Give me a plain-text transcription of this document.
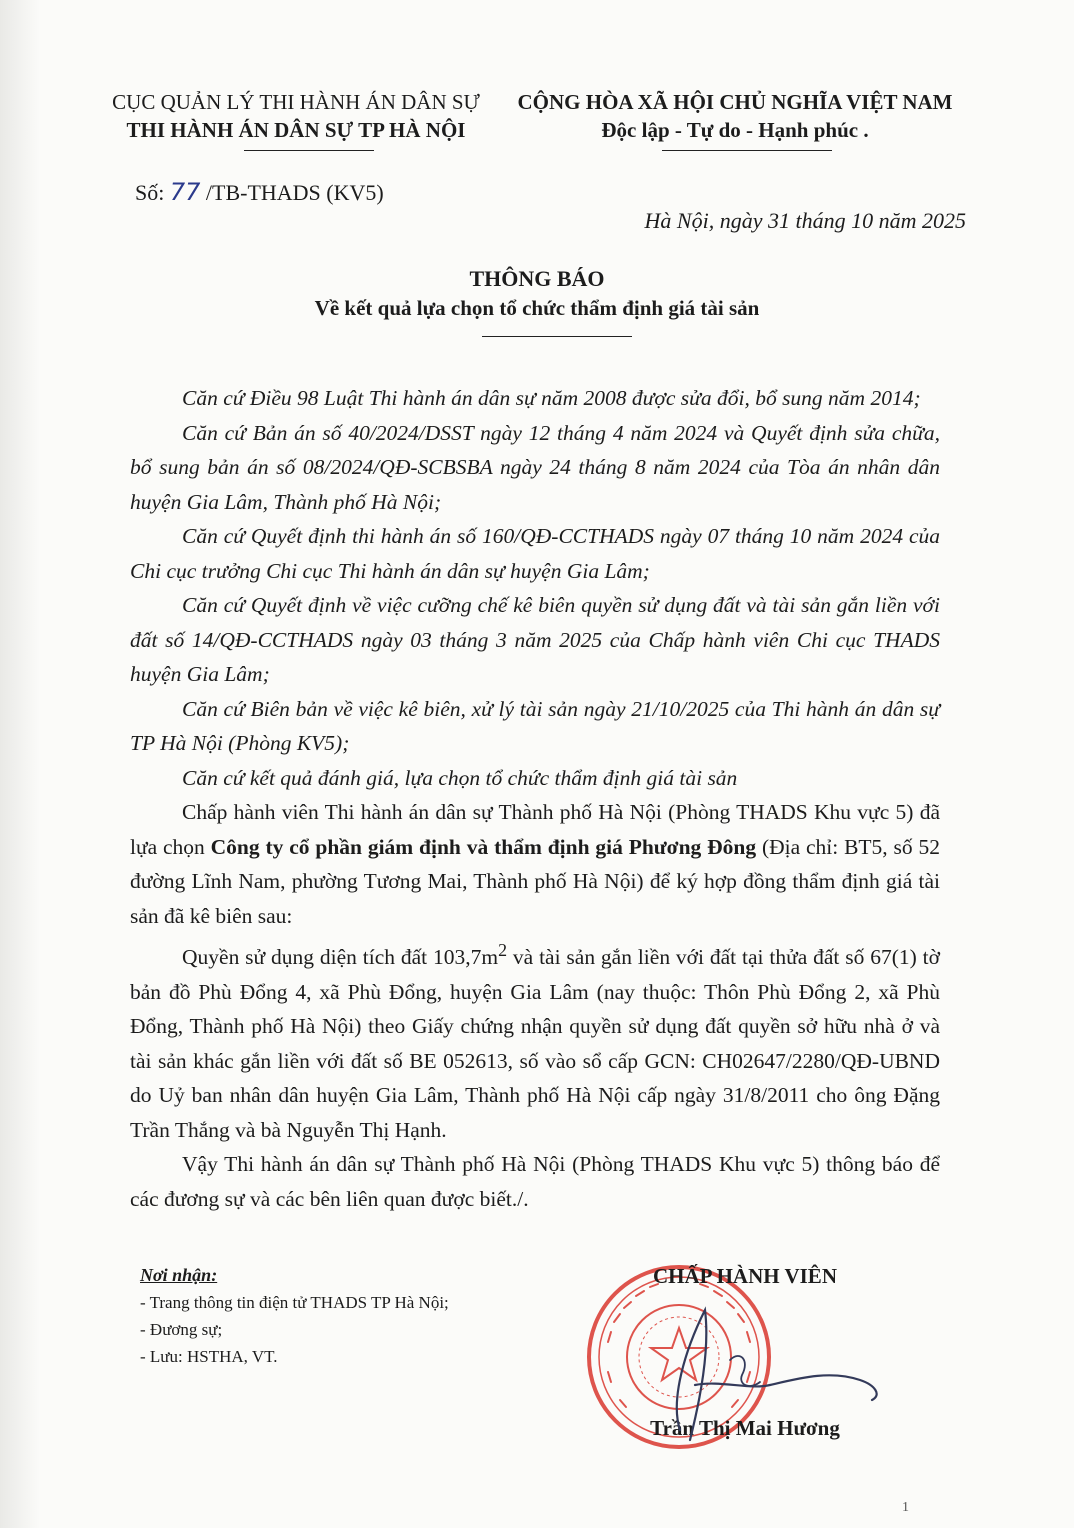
CỤC QUẢN LÝ THI HÀNH ÁN DÂN SỰ
THI HÀNH ÁN DÂN SỰ TP HÀ NỘI
CỘNG HÒA XÃ HỘI CHỦ NGHĨA VIỆT NAM
Độc lập - Tự do - Hạnh phúc .
Số: 77 /TB-THADS (KV5)
Hà Nội, ngày 31 tháng 10 năm 2025
THÔNG BÁO
Về kết quả lựa chọn tổ chức thẩm định giá tài sản

Căn cứ Điều 98 Luật Thi hành án dân sự năm 2008 được sửa đổi, bổ sung năm 2014;

Căn cứ Bản án số 40/2024/DSST ngày 12 tháng 4 năm 2024 và Quyết định sửa chữa, bổ sung bản án số 08/2024/QĐ-SCBSBA ngày 24 tháng 8 năm 2024 của Tòa án nhân dân huyện Gia Lâm, Thành phố Hà Nội;

Căn cứ Quyết định thi hành án số 160/QĐ-CCTHADS ngày 07 tháng 10 năm 2024 của Chi cục trưởng Chi cục Thi hành án dân sự huyện Gia Lâm;

Căn cứ Quyết định về việc cưỡng chế kê biên quyền sử dụng đất và tài sản gắn liền với đất số 14/QĐ-CCTHADS ngày 03 tháng 3 năm 2025 của Chấp hành viên Chi cục THADS huyện Gia Lâm;

Căn cứ Biên bản về việc kê biên, xử lý tài sản ngày 21/10/2025 của Thi hành án dân sự TP Hà Nội (Phòng KV5);

Căn cứ kết quả đánh giá, lựa chọn tổ chức thẩm định giá tài sản

Chấp hành viên Thi hành án dân sự Thành phố Hà Nội (Phòng THADS Khu vực 5) đã lựa chọn Công ty cổ phần giám định và thẩm định giá Phương Đông (Địa chỉ: BT5, số 52 đường Lĩnh Nam, phường Tương Mai, Thành phố Hà Nội) để ký hợp đồng thẩm định giá tài sản đã kê biên sau:

Quyền sử dụng diện tích đất $103,7m^2$ và tài sản gắn liền với đất tại thửa đất số 67(1) tờ bản đồ Phù Đổng 4, xã Phù Đổng, huyện Gia Lâm (nay thuộc: Thôn Phù Đổng 2, xã Phù Đổng, Thành phố Hà Nội) theo Giấy chứng nhận quyền sử dụng đất quyền sở hữu nhà ở và tài sản khác gắn liền với đất số BE 052613, số vào sổ cấp GCN: CH02647/2280/QĐ-UBND do Uỷ ban nhân dân huyện Gia Lâm, Thành phố Hà Nội cấp ngày 31/8/2011 cho ông Đặng Trần Thắng và bà Nguyễn Thị Hạnh.

Vậy Thi hành án dân sự Thành phố Hà Nội (Phòng THADS Khu vực 5) thông báo để các đương sự và các bên liên quan được biết./.

Nơi nhận:
- Trang thông tin điện tử THADS TP Hà Nội;
- Đương sự;
- Lưu: HSTHA, VT.
CHẤP HÀNH VIÊN
Trần Thị Mai Hương
1
